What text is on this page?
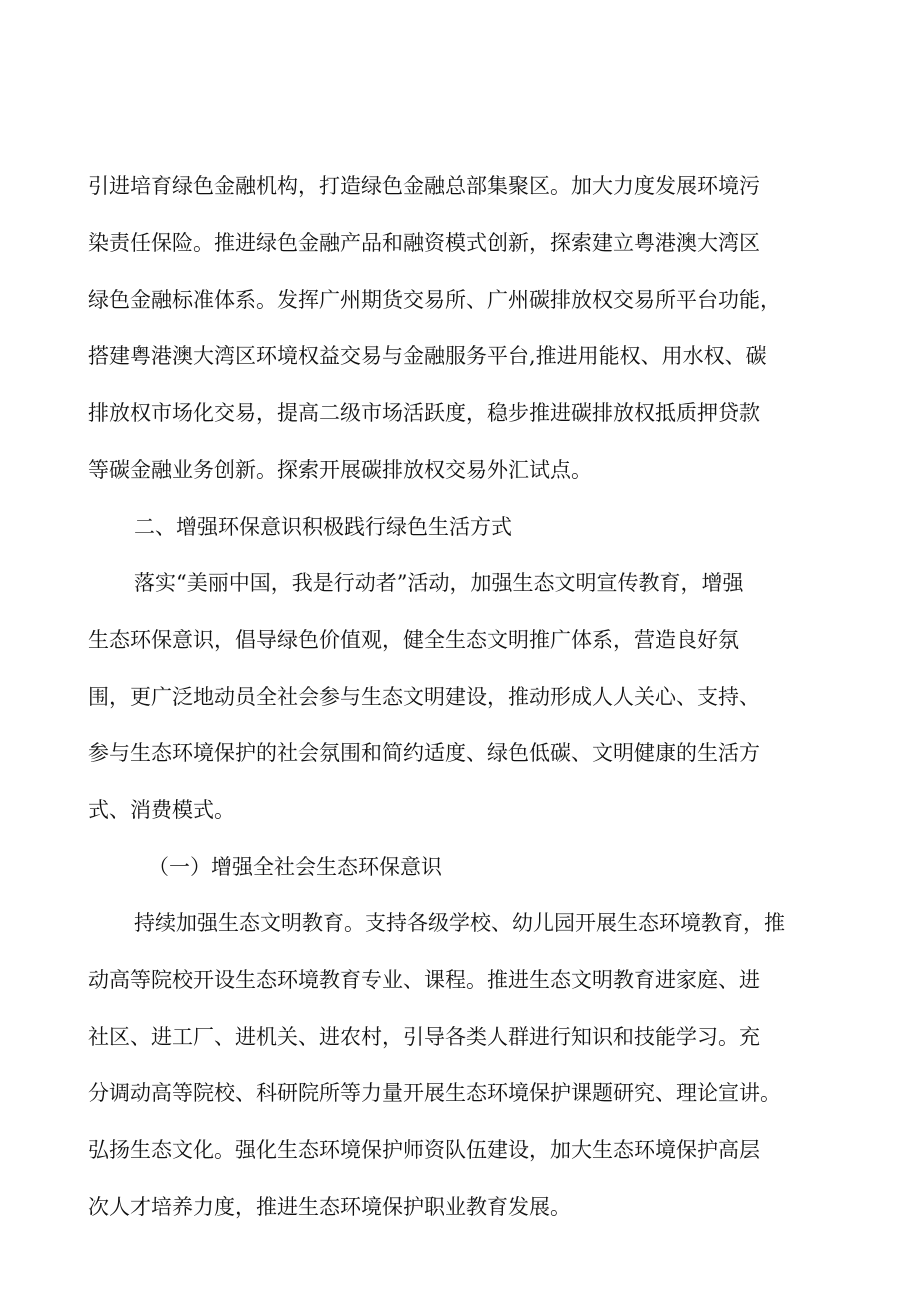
引进培育绿色金融机构，打造绿色金融总部集聚区。加大力度发展环境污
染责任保险。推进绿色金融产品和融资模式创新，探索建立粤港澳大湾区
绿色金融标准体系。发挥广州期货交易所、广州碳排放权交易所平台功能，
搭建粤港澳大湾区环境权益交易与金融服务平台,推进用能权、用水权、碳
排放权市场化交易，提高二级市场活跃度，稳步推进碳排放权抵质押贷款
等碳金融业务创新。探索开展碳排放权交易外汇试点。
二、增强环保意识积极践行绿色生活方式
落实“美丽中国，我是行动者”活动，加强生态文明宣传教育，增强
生态环保意识，倡导绿色价值观，健全生态文明推广体系，营造良好氛
围，更广泛地动员全社会参与生态文明建设，推动形成人人关心、支持、
参与生态环境保护的社会氛围和简约适度、绿色低碳、文明健康的生活方
式、消费模式。
（一）增强全社会生态环保意识
持续加强生态文明教育。支持各级学校、幼儿园开展生态环境教育，推
动高等院校开设生态环境教育专业、课程。推进生态文明教育进家庭、进
社区、进工厂、进机关、进农村，引导各类人群进行知识和技能学习。充
分调动高等院校、科研院所等力量开展生态环境保护课题研究、理论宣讲。
弘扬生态文化。强化生态环境保护师资队伍建设，加大生态环境保护高层
次人才培养力度，推进生态环境保护职业教育发展。
